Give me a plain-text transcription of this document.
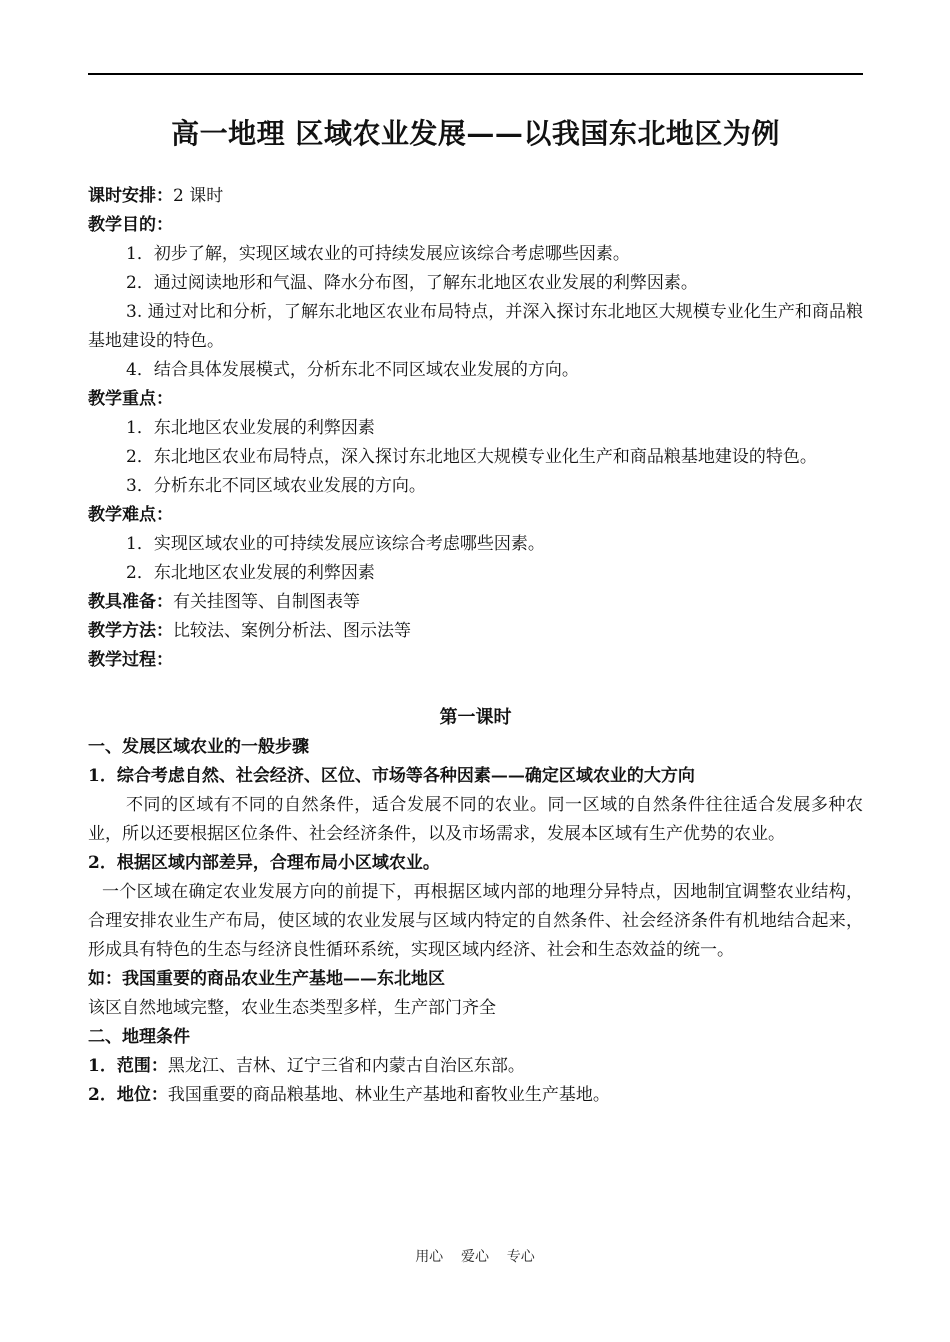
高一地理 区域农业发展——以我国东北地区为例

课时安排：2 课时

教学目的：

1．初步了解，实现区域农业的可持续发展应该综合考虑哪些因素。

2．通过阅读地形和气温、降水分布图，了解东北地区农业发展的利弊因素。

3. 通过对比和分析，了解东北地区农业布局特点，并深入探讨东北地区大规模专业化生产和商品粮基地建设的特色。

4．结合具体发展模式，分析东北不同区域农业发展的方向。

教学重点：

1．东北地区农业发展的利弊因素

2．东北地区农业布局特点，深入探讨东北地区大规模专业化生产和商品粮基地建设的特色。

3．分析东北不同区域农业发展的方向。

教学难点：

1．实现区域农业的可持续发展应该综合考虑哪些因素。

2．东北地区农业发展的利弊因素

教具准备：有关挂图等、自制图表等

教学方法：比较法、案例分析法、图示法等

教学过程：

第一课时

一、发展区域农业的一般步骤

1．综合考虑自然、社会经济、区位、市场等各种因素——确定区域农业的大方向

不同的区域有不同的自然条件，适合发展不同的农业。同一区域的自然条件往往适合发展多种农业，所以还要根据区位条件、社会经济条件，以及市场需求，发展本区域有生产优势的农业。

2．根据区域内部差异，合理布局小区域农业。

一个区域在确定农业发展方向的前提下，再根据区域内部的地理分异特点，因地制宜调整农业结构，合理安排农业生产布局，使区域的农业发展与区域内特定的自然条件、社会经济条件有机地结合起来，形成具有特色的生态与经济良性循环系统，实现区域内经济、社会和生态效益的统一。

如：我国重要的商品农业生产基地——东北地区

该区自然地域完整，农业生态类型多样，生产部门齐全

二、地理条件

1．范围：黑龙江、吉林、辽宁三省和内蒙古自治区东部。

2．地位：我国重要的商品粮基地、林业生产基地和畜牧业生产基地。

用心    爱心    专心
